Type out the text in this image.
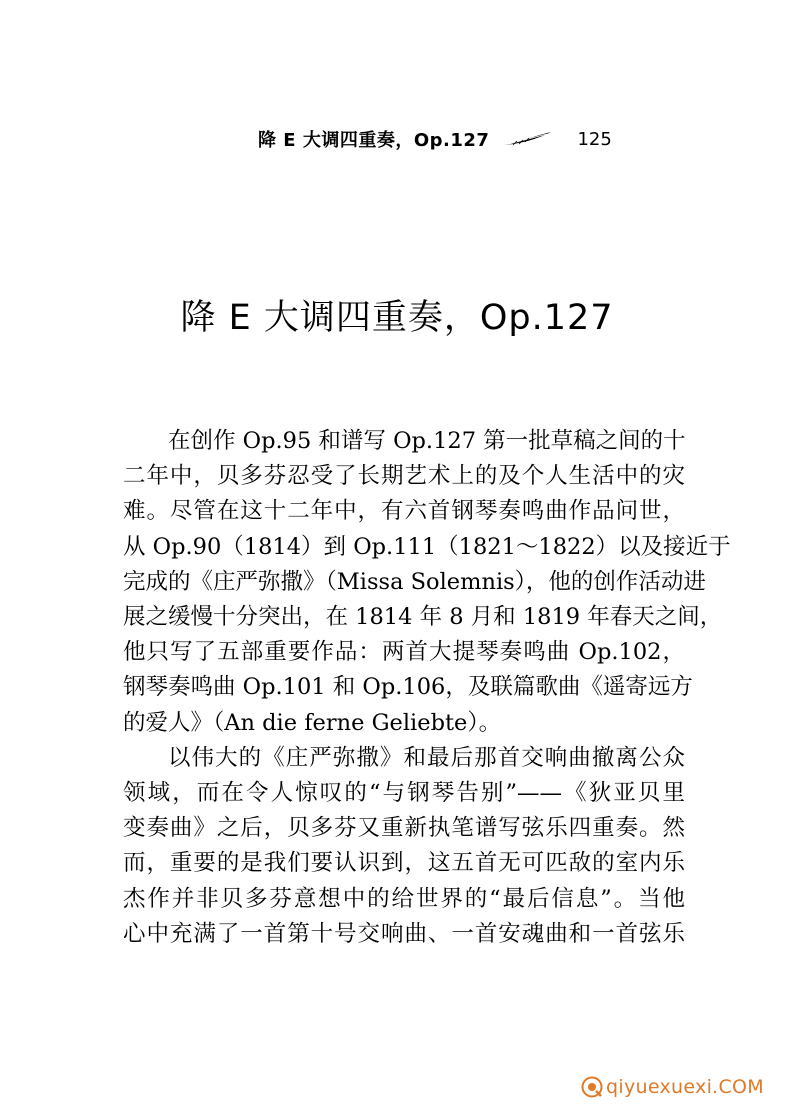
降 E 大调四重奏，Op.127	125
降 E 大调四重奏，Op.127

在创作 Op.95 和谱写 Op.127 第一批草稿之间的十
二年中，贝多芬忍受了长期艺术上的及个人生活中的灾
难。尽管在这十二年中，有六首钢琴奏鸣曲作品问世，
从 Op.90（1814）到 Op.111（1821～1822）以及接近于
完成的《庄严弥撒》（Missa Solemnis），他的创作活动进
展之缓慢十分突出，在 1814 年 8 月和 1819 年春天之间，
他只写了五部重要作品：两首大提琴奏鸣曲 Op.102，
钢琴奏鸣曲 Op.101 和 Op.106，及联篇歌曲《遥寄远方
的爱人》（An die ferne Geliebte）。

以伟大的《庄严弥撒》和最后那首交响曲撤离公众
领域，而在令人惊叹的“与钢琴告别”——《狄亚贝里
变奏曲》之后，贝多芬又重新执笔谱写弦乐四重奏。然
而，重要的是我们要认识到，这五首无可匹敌的室内乐
杰作并非贝多芬意想中的给世界的“最后信息”。当他
心中充满了一首第十号交响曲、一首安魂曲和一首弦乐

qiyuexuexi.COM
